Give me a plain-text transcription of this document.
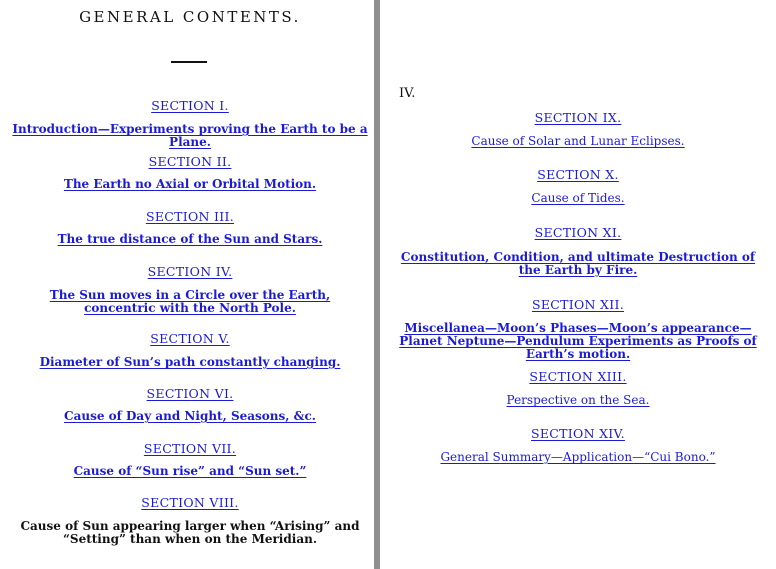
GENERAL CONTENTS.
SECTION I.
Introduction—Experiments proving the Earth to be a Plane.
SECTION II.
The Earth no Axial or Orbital Motion.
SECTION III.
The true distance of the Sun and Stars.
SECTION IV.
The Sun moves in a Circle over the Earth, concentric with the North Pole.
SECTION V.
Diameter of Sun’s path constantly changing.
SECTION VI.
Cause of Day and Night, Seasons, &c.
SECTION VII.
Cause of “Sun rise” and “Sun set.”
SECTION VIII.
Cause of Sun appearing larger when “Arising” and “Setting” than when on the Meridian.
IV.
SECTION IX.
Cause of Solar and Lunar Eclipses.
SECTION X.
Cause of Tides.
SECTION XI.
Constitution, Condition, and ultimate Destruction of the Earth by Fire.
SECTION XII.
Miscellanea—Moon’s Phases—Moon’s appearance—Planet Neptune—Pendulum Experiments as Proofs of Earth’s motion.
SECTION XIII.
Perspective on the Sea.
SECTION XIV.
General Summary—Application—“Cui Bono.”
